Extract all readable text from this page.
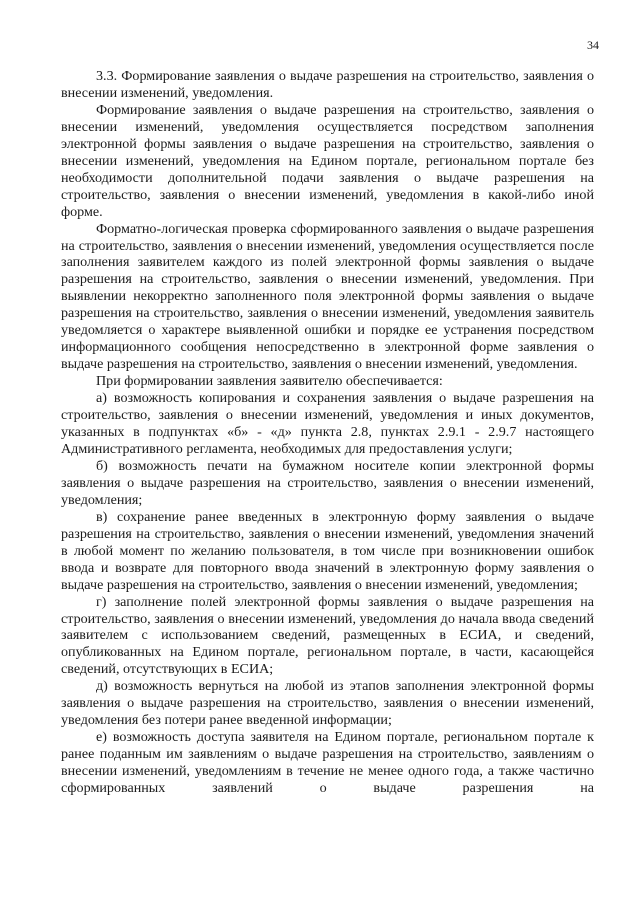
34

3.3. Формирование заявления о выдаче разрешения на строительство, заявления о внесении изменений, уведомления.

Формирование заявления о выдаче разрешения на строительство, заявления о внесении изменений, уведомления осуществляется посредством заполнения электронной формы заявления о выдаче разрешения на строительство, заявления о внесении изменений, уведомления на Едином портале, региональном портале без необходимости дополнительной подачи заявления о выдаче разрешения на строительство, заявления о внесении изменений, уведомления в какой-либо иной форме.

Форматно-логическая проверка сформированного заявления о выдаче разрешения на строительство, заявления о внесении изменений, уведомления осуществляется после заполнения заявителем каждого из полей электронной формы заявления о выдаче разрешения на строительство, заявления о внесении изменений, уведомления. При выявлении некорректно заполненного поля электронной формы заявления о выдаче разрешения на строительство, заявления о внесении изменений, уведомления заявитель уведомляется о характере выявленной ошибки и порядке ее устранения посредством информационного сообщения непосредственно в электронной форме заявления о выдаче разрешения на строительство, заявления о внесении изменений, уведомления.

При формировании заявления заявителю обеспечивается:

а) возможность копирования и сохранения заявления о выдаче разрешения на строительство, заявления о внесении изменений, уведомления и иных документов, указанных в подпунктах «б» - «д» пункта 2.8, пунктах 2.9.1 - 2.9.7 настоящего Административного регламента, необходимых для предоставления услуги;

б) возможность печати на бумажном носителе копии электронной формы заявления о выдаче разрешения на строительство, заявления о внесении изменений, уведомления;

в) сохранение ранее введенных в электронную форму заявления о выдаче разрешения на строительство, заявления о внесении изменений, уведомления значений в любой момент по желанию пользователя, в том числе при возникновении ошибок ввода и возврате для повторного ввода значений в электронную форму заявления о выдаче разрешения на строительство, заявления о внесении изменений, уведомления;

г) заполнение полей электронной формы заявления о выдаче разрешения на строительство, заявления о внесении изменений, уведомления до начала ввода сведений заявителем с использованием сведений, размещенных в ЕСИА, и сведений, опубликованных на Едином портале, региональном портале, в части, касающейся сведений, отсутствующих в ЕСИА;

д) возможность вернуться на любой из этапов заполнения электронной формы заявления о выдаче разрешения на строительство, заявления о внесении изменений, уведомления без потери ранее введенной информации;

е) возможность доступа заявителя на Едином портале, региональном портале к ранее поданным им заявлениям о выдаче разрешения на строительство, заявлениям о внесении изменений, уведомлениям в течение не менее одного года, а также частично сформированных заявлений о выдаче разрешения на
